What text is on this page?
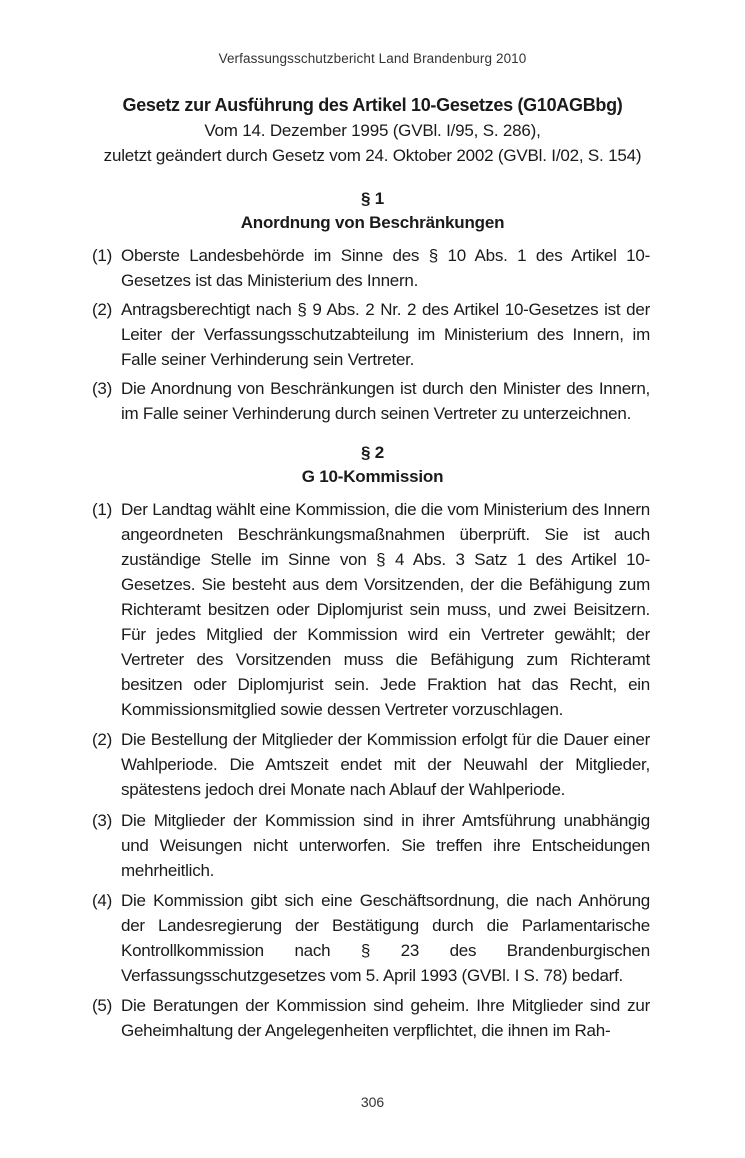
Verfassungsschutzbericht Land Brandenburg 2010
Gesetz zur Ausführung des Artikel 10-Gesetzes (G10AGBbg)
Vom 14. Dezember 1995 (GVBl. I/95, S. 286),
zuletzt geändert durch Gesetz vom 24. Oktober 2002 (GVBl. I/02, S. 154)
§ 1
Anordnung von Beschränkungen
(1) Oberste Landesbehörde im Sinne des § 10 Abs. 1 des Artikel 10-Gesetzes ist das Ministerium des Innern.
(2) Antragsberechtigt nach § 9 Abs. 2 Nr. 2 des Artikel 10-Gesetzes ist der Leiter der Verfassungsschutzabteilung im Ministerium des Innern, im Falle seiner Verhinderung sein Vertreter.
(3) Die Anordnung von Beschränkungen ist durch den Minister des Innern, im Falle seiner Verhinderung durch seinen Vertreter zu unterzeichnen.
§ 2
G 10-Kommission
(1) Der Landtag wählt eine Kommission, die die vom Ministerium des Innern angeordneten Beschränkungsmaßnahmen überprüft. Sie ist auch zuständige Stelle im Sinne von § 4 Abs. 3 Satz 1 des Artikel 10-Gesetzes. Sie besteht aus dem Vorsitzenden, der die Befähigung zum Richteramt besitzen oder Diplomjurist sein muss, und zwei Beisitzern. Für jedes Mitglied der Kommission wird ein Vertreter gewählt; der Vertreter des Vorsitzenden muss die Befähigung zum Richteramt besitzen oder Diplomjurist sein. Jede Fraktion hat das Recht, ein Kommissionsmitglied sowie dessen Vertreter vorzuschlagen.
(2) Die Bestellung der Mitglieder der Kommission erfolgt für die Dauer einer Wahlperiode. Die Amtszeit endet mit der Neuwahl der Mitglieder, spätestens jedoch drei Monate nach Ablauf der Wahlperiode.
(3) Die Mitglieder der Kommission sind in ihrer Amtsführung unabhängig und Weisungen nicht unterworfen. Sie treffen ihre Entscheidungen mehrheitlich.
(4) Die Kommission gibt sich eine Geschäftsordnung, die nach Anhörung der Landesregierung der Bestätigung durch die Parlamentarische Kontrollkommission nach § 23 des Brandenburgischen Verfassungsschutzgesetzes vom 5. April 1993 (GVBl. I S. 78) bedarf.
(5) Die Beratungen der Kommission sind geheim. Ihre Mitglieder sind zur Geheimhaltung der Angelegenheiten verpflichtet, die ihnen im Rah-
306
